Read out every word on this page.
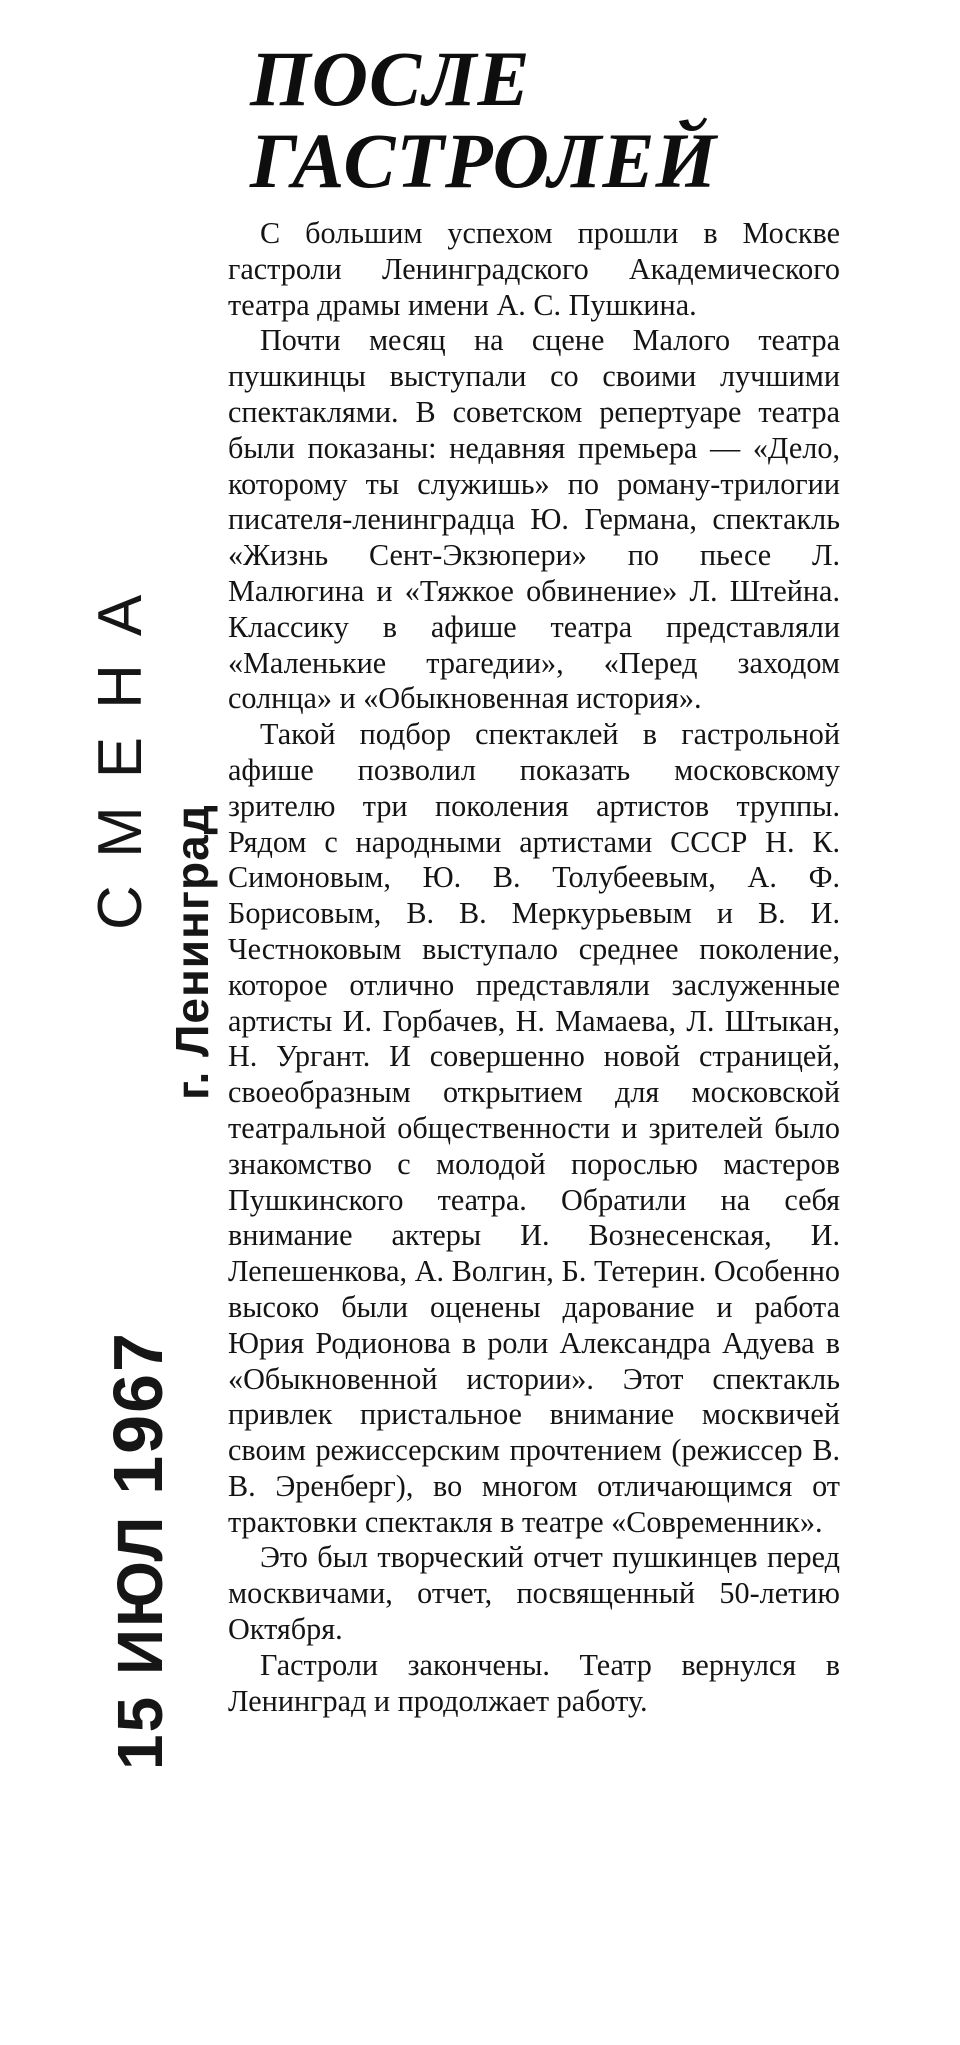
ПОСЛЕ
ГАСТРОЛЕЙ

С большим успехом прошли в Москве гастроли Ленинградского Академического театра драмы имени А. С. Пушкина.

Почти месяц на сцене Малого театра пушкинцы выступали со своими лучшими спектаклями. В советском репертуаре театра были показаны: недавняя премьера — «Дело, которому ты служишь» по роману-трилогии писателя-ленинградца Ю. Германа, спектакль «Жизнь Сент-Экзюпери» по пьесе Л. Малюгина и «Тяжкое обвинение» Л. Штейна. Классику в афише театра представляли «Маленькие трагедии», «Перед заходом солнца» и «Обыкновенная история».

Такой подбор спектаклей в гастрольной афише позволил показать московскому зрителю три поколения артистов труппы. Рядом с народными артистами СССР Н. К. Симоновым, Ю. В. Толубеевым, А. Ф. Борисовым, В. В. Меркурьевым и В. И. Честноковым выступало среднее поколение, которое отлично представляли заслуженные артисты И. Горбачев, Н. Мамаева, Л. Штыкан, Н. Ургант. И совершенно новой страницей, своеобразным открытием для московской театральной общественности и зрителей было знакомство с молодой порослью мастеров Пушкинского театра. Обратили на себя внимание актеры И. Вознесенская, И. Лепешенкова, А. Волгин, Б. Тетерин. Особенно высоко были оценены дарование и работа Юрия Родионова в роли Александра Адуева в «Обыкновенной истории». Этот спектакль привлек пристальное внимание москвичей своим режиссерским прочтением (режиссер В. В. Эренберг), во многом отличающимся от трактовки спектакля в театре «Современник».

Это был творческий отчет пушкинцев перед москвичами, отчет, посвященный 50-летию Октября.

Гастроли закончены. Театр вернулся в Ленинград и продолжает работу.

СМЕНА
г. Ленинград
15 ИЮЛ 1967
